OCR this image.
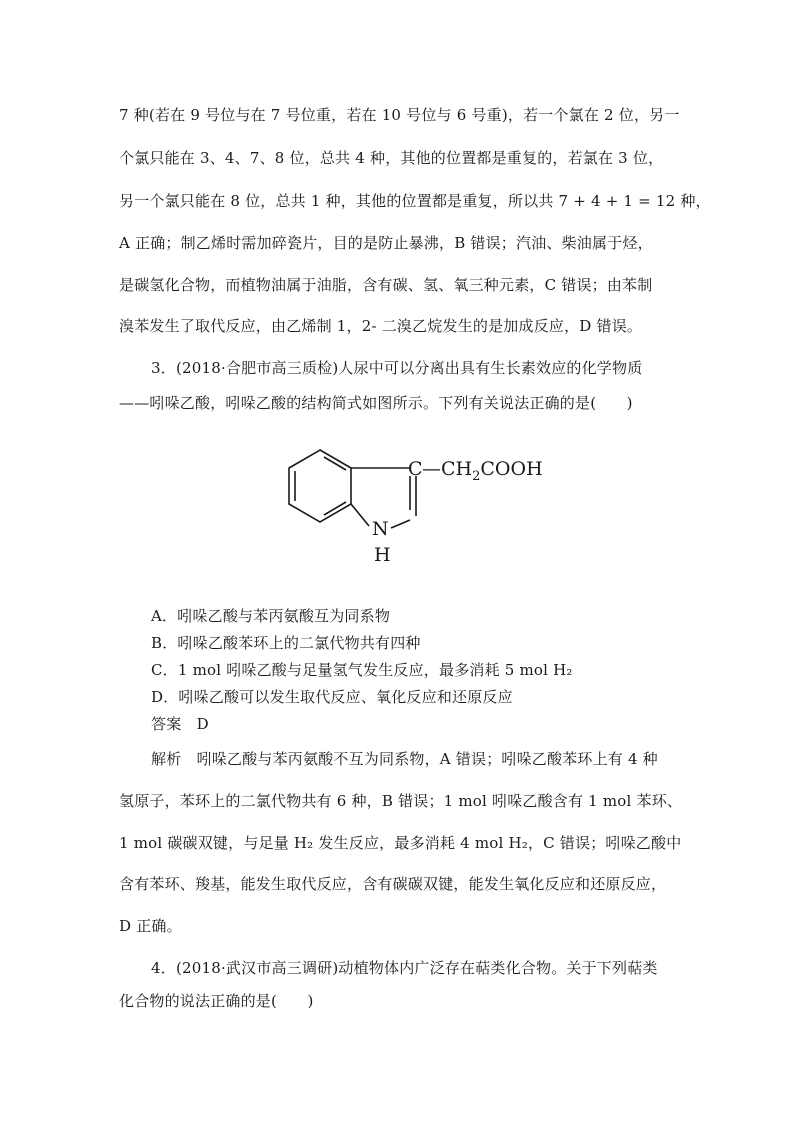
7 种(若在 9 号位与在 7 号位重，若在 10 号位与 6 号重)，若一个氯在 2 位，另一
个氯只能在 3、4、7、8 位，总共 4 种，其他的位置都是重复的，若氯在 3 位，
另一个氯只能在 8 位，总共 1 种，其他的位置都是重复，所以共 7 + 4 + 1 = 12 种，
A 正确；制乙烯时需加碎瓷片，目的是防止暴沸，B 错误；汽油、柴油属于烃，
是碳氢化合物，而植物油属于油脂，含有碳、氢、氧三种元素，C 错误；由苯制
溴苯发生了取代反应，由乙烯制 1，2- 二溴乙烷发生的是加成反应，D 错误。
3．(2018·合肥市高三质检)人尿中可以分离出具有生长素效应的化学物质
——吲哚乙酸，吲哚乙酸的结构简式如图所示。下列有关说法正确的是(　　)
C $—CH_2COOH$
N
H
A．吲哚乙酸与苯丙氨酸互为同系物
B．吲哚乙酸苯环上的二氯代物共有四种
C．1 mol 吲哚乙酸与足量氢气发生反应，最多消耗 5 mol H₂
D．吲哚乙酸可以发生取代反应、氧化反应和还原反应
答案　D
解析　吲哚乙酸与苯丙氨酸不互为同系物，A 错误；吲哚乙酸苯环上有 4 种
氢原子，苯环上的二氯代物共有 6 种，B 错误；1 mol 吲哚乙酸含有 1 mol 苯环、
1 mol 碳碳双键，与足量 H₂ 发生反应，最多消耗 4 mol H₂，C 错误；吲哚乙酸中
含有苯环、羧基，能发生取代反应，含有碳碳双键，能发生氧化反应和还原反应，
D 正确。
4．(2018·武汉市高三调研)动植物体内广泛存在萜类化合物。关于下列萜类
化合物的说法正确的是(　　)
